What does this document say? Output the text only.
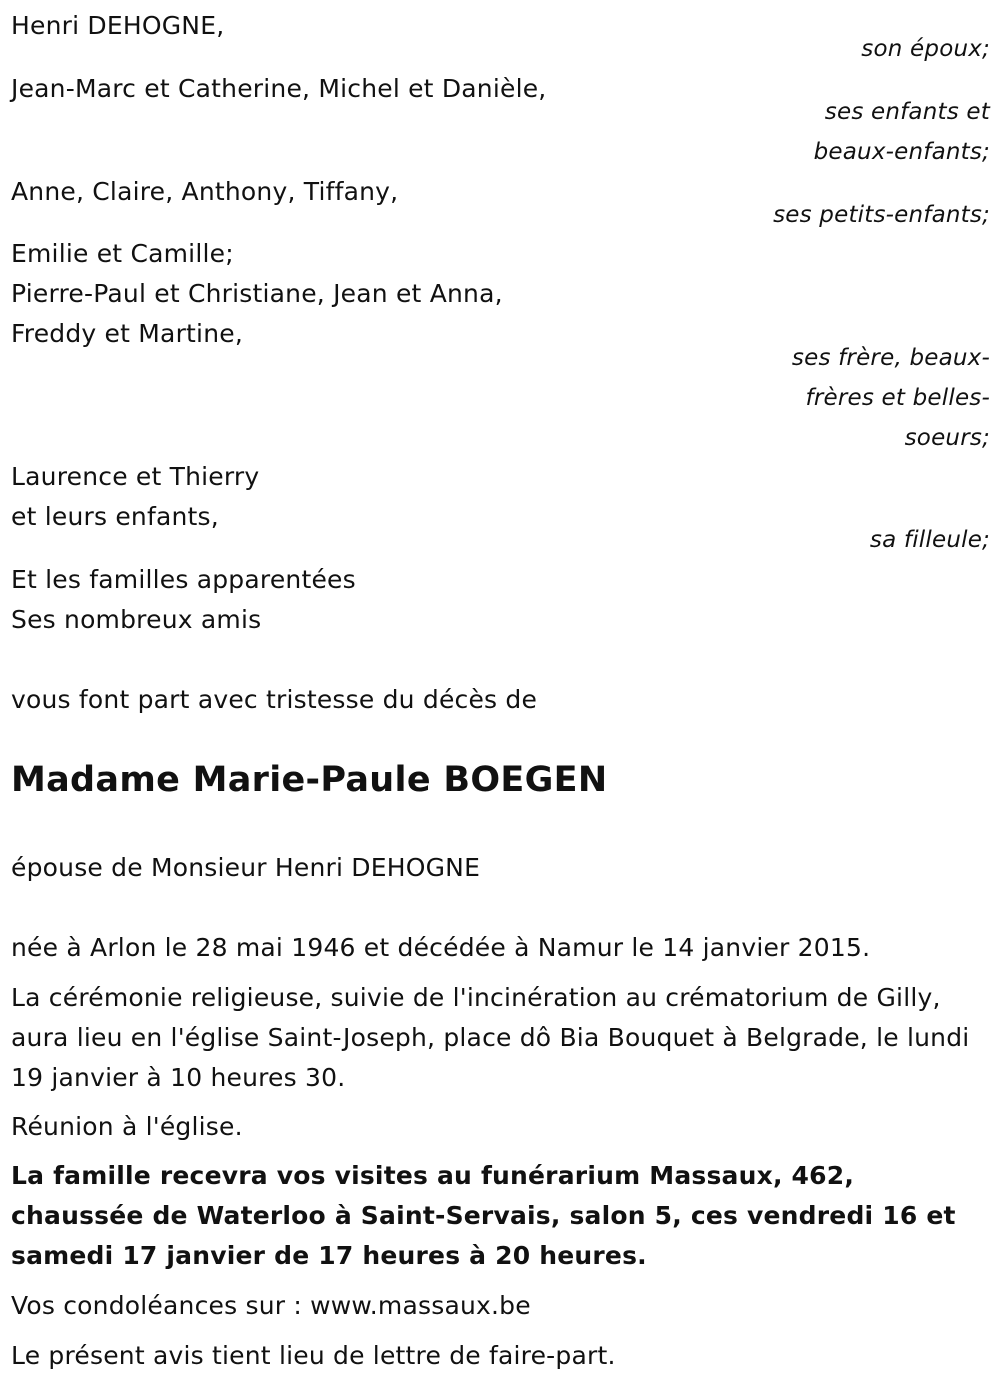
Henri DEHOGNE,
son époux;
Jean-Marc et Catherine, Michel et Danièle,
ses enfants et
beaux-enfants;
Anne, Claire, Anthony, Tiffany,
ses petits-enfants;
Emilie et Camille;
Pierre-Paul et Christiane, Jean et Anna,
Freddy et Martine,
ses frère, beaux-
frères et belles-
soeurs;
Laurence et Thierry
et leurs enfants,
sa filleule;
Et les familles apparentées
Ses nombreux amis
vous font part avec tristesse du décès de
Madame Marie-Paule BOEGEN
épouse de Monsieur Henri DEHOGNE
née à Arlon le 28 mai 1946 et décédée à Namur le 14 janvier 2015.
La cérémonie religieuse, suivie de l'incinération au crématorium de Gilly, aura lieu en l'église Saint-Joseph, place dô Bia Bouquet à Belgrade, le lundi 19 janvier à 10 heures 30.
Réunion à l'église.
La famille recevra vos visites au funérarium Massaux, 462, chaussée de Waterloo à Saint-Servais, salon 5, ces vendredi 16 et samedi 17 janvier de 17 heures à 20 heures.
Vos condoléances sur : www.massaux.be
Le présent avis tient lieu de lettre de faire-part.
